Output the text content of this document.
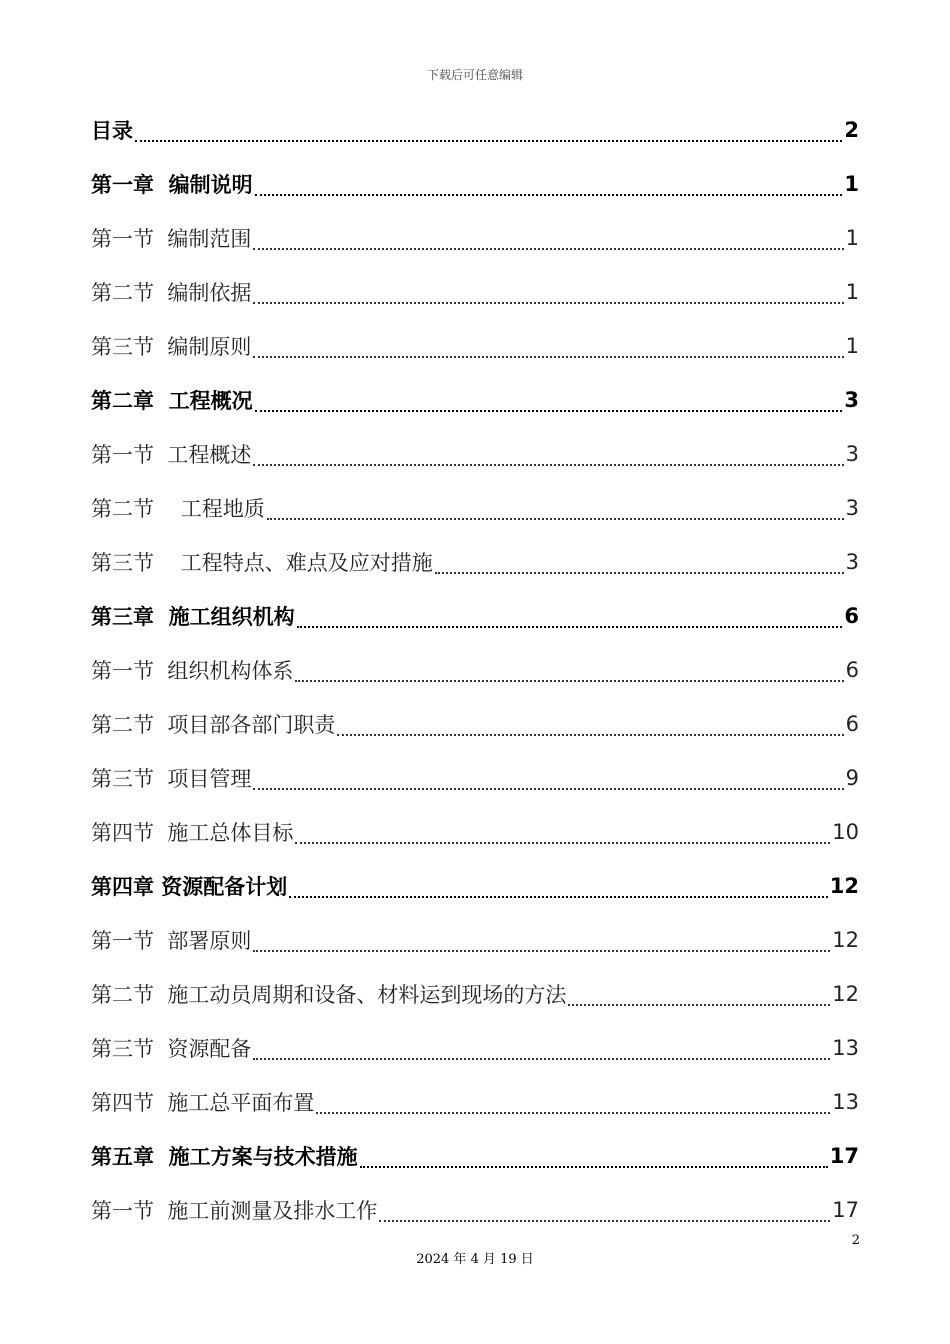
下载后可任意编辑
目录	2
第一章  编制说明	1
第一节  编制范围	1
第二节  编制依据	1
第三节  编制原则	1
第二章  工程概况	3
第一节  工程概述	3
第二节    工程地质	3
第三节    工程特点、难点及应对措施	3
第三章  施工组织机构	6
第一节  组织机构体系	6
第二节  项目部各部门职责	6
第三节  项目管理	9
第四节  施工总体目标	10
第四章 资源配备计划	12
第一节  部署原则	12
第二节  施工动员周期和设备、材料运到现场的方法	12
第三节  资源配备	13
第四节  施工总平面布置	13
第五章  施工方案与技术措施	17
第一节  施工前测量及排水工作	17
2
2024 年 4 月 19 日
